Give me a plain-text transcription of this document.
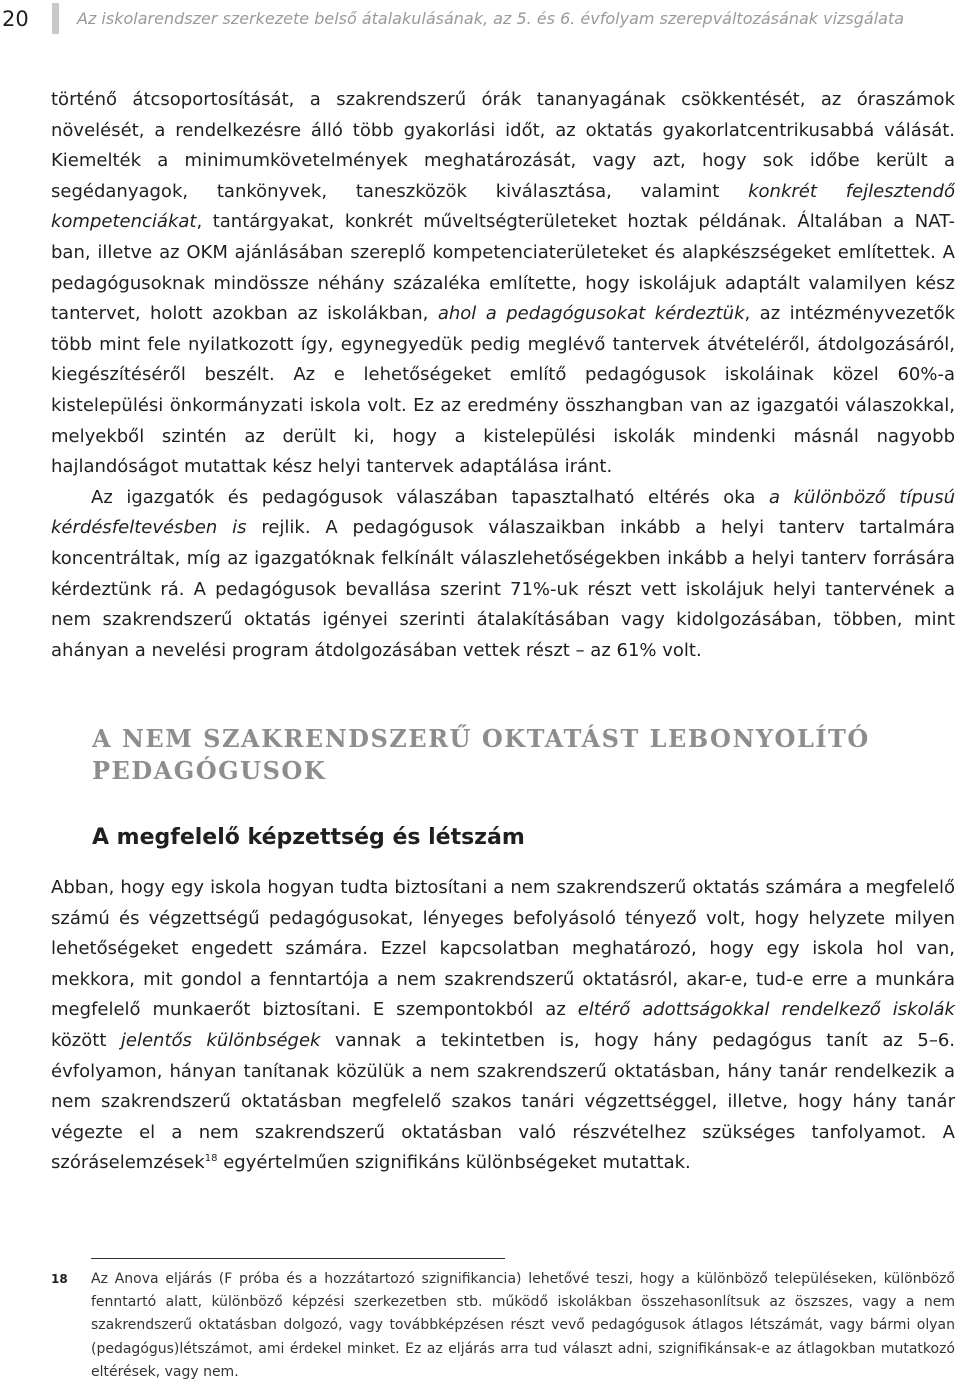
20	Az iskolarendszer szerkezete belső átalakulásának, az 5. és 6. évfolyam szerepváltozásának vizsgálata

történő átcsoportosítását, a szakrendszerű órák tananyagának csökkentését, az óraszámok növelését, a rendelkezésre álló több gyakorlási időt, az oktatás gyakorlatcentrikusabbá válását. Kiemelték a minimumkövetelmények meghatározását, vagy azt, hogy sok időbe került a segédanyagok, tankönyvek, taneszközök kiválasztása, valamint konkrét fejlesztendő kompetenciákat, tantárgyakat, konkrét műveltségterületeket hoztak példának. Általában a NAT-ban, illetve az OKM ajánlásában szereplő kompetenciaterületeket és alapkészségeket említettek. A pedagógusoknak mindössze néhány százaléka említette, hogy iskolájuk adaptált valamilyen kész tantervet, holott azokban az iskolákban, ahol a pedagógusokat kérdeztük, az intézményvezetők több mint fele nyilatkozott így, egynegyedük pedig meglévő tantervek átvételéről, átdolgozásáról, kiegészítéséről beszélt. Az e lehetőségeket említő pedagógusok iskoláinak közel 60%-a kistelepülési önkormányzati iskola volt. Ez az eredmény összhangban van az igazgatói válaszokkal, melyekből szintén az derült ki, hogy a kistelepülési iskolák mindenki másnál nagyobb hajlandóságot mutattak kész helyi tantervek adaptálása iránt.

Az igazgatók és pedagógusok válaszában tapasztalható eltérés oka a különböző típusú kérdésfeltevésben is rejlik. A pedagógusok válaszaikban inkább a helyi tanterv tartalmára koncentráltak, míg az igazgatóknak felkínált válaszlehetőségekben inkább a helyi tanterv forrására kérdeztünk rá. A pedagógusok bevallása szerint 71%-uk részt vett iskolájuk helyi tantervének a nem szakrendszerű oktatás igényei szerinti átalakításában vagy kidolgozásában, többen, mint ahányan a nevelési program átdolgozásában vettek részt – az 61% volt.

A NEM SZAKRENDSZERŰ OKTATÁST LEBONYOLÍTÓ PEDAGÓGUSOK
A megfelelő képzettség és létszám

Abban, hogy egy iskola hogyan tudta biztosítani a nem szakrendszerű oktatás számára a megfelelő számú és végzettségű pedagógusokat, lényeges befolyásoló tényező volt, hogy helyzete milyen lehetőségeket engedett számára. Ezzel kapcsolatban meghatározó, hogy egy iskola hol van, mekkora, mit gondol a fenntartója a nem szakrendszerű oktatásról, akar-e, tud-e erre a munkára megfelelő munkaerőt biztosítani. E szempontokból az eltérő adottságokkal rendelkező iskolák között jelentős különbségek vannak a tekintetben is, hogy hány pedagógus tanít az 5–6. évfolyamon, hányan tanítanak közülük a nem szakrendszerű oktatásban, hány tanár rendelkezik a nem szakrendszerű oktatásban megfelelő szakos tanári végzettséggel, illetve, hogy hány tanár végezte el a nem szakrendszerű oktatásban való részvételhez szükséges tanfolyamot. A szóráselemzések$^{18}$ egyértelműen szignifikáns különbségeket mutattak.

18 Az Anova eljárás (F próba és a hozzátartozó szignifikancia) lehetővé teszi, hogy a különböző településeken, különböző fenntartó alatt, különböző képzési szerkezetben stb. működő iskolákban összehasonlítsuk az öszszes, vagy a nem szakrendszerű oktatásban dolgozó, vagy továbbképzésen részt vevő pedagógusok átlagos létszámát, vagy bármi olyan (pedagógus)létszámot, ami érdekel minket. Ez az eljárás arra tud választ adni, szignifikánsak-e az átlagokban mutatkozó eltérések, vagy nem.
